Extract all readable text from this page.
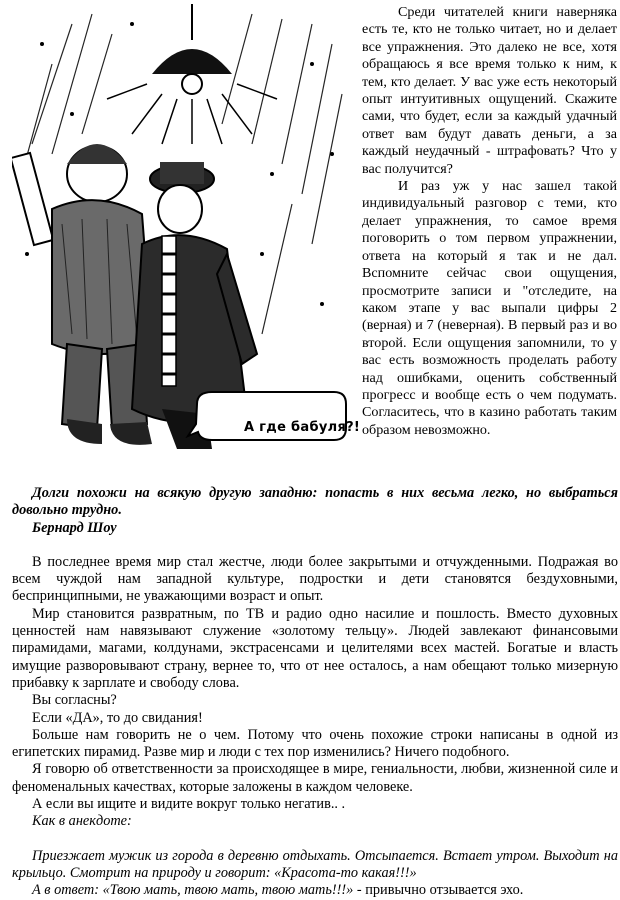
А где бабуля?!

Среди читателей книги наверняка есть те, кто не только читает, но и делает все упражнения. Это далеко не все, хотя обращаюсь я все время только к ним, к тем, кто делает. У вас уже есть некоторый опыт интуитивных ощущений. Скажите сами, что будет, если за каждый удачный ответ вам будут давать деньги, а за каждый неудачный - штрафовать? Что у вас получится?

И раз уж у нас зашел такой индивидуальный разговор с теми, кто делает упражнения, то самое время поговорить о том первом упражнении, ответа на который я так и не дал. Вспомните сейчас свои ощущения, просмотрите записи и "отследите, на каком этапе у вас выпали цифры 2 (верная) и 7 (неверная). В первый раз и во второй. Если ощущения запомнили, то у вас есть возможность проделать работу над ошибками, оценить собственный прогресс и вообще есть о чем подумать. Согласитесь, что в казино работать таким образом невозможно.

Долги похожи на всякую другую западню: попасть в них весьма легко, но выбраться довольно трудно.

Бернард Шоу

В последнее время мир стал жестче, люди более закрытыми и отчужденными. Подражая во всем чуждой нам западной культуре, подростки и дети становятся бездуховными, беспринципными, не уважающими возраст и опыт.

Мир становится развратным, по ТВ и радио одно насилие и пошлость. Вместо духовных ценностей нам навязывают служение «золотому тельцу». Людей завлекают финансовыми пирамидами, магами, колдунами, экстрасенсами и целителями всех мастей. Богатые и власть имущие разворовывают страну, вернее то, что от нее осталось, а нам обещают только мизерную прибавку к зарплате и свободу слова.

Вы согласны?

Если «ДА», то до свидания!

Больше нам говорить не о чем. Потому что очень похожие строки написаны в одной из египетских пирамид. Разве мир и люди с тех пор изменились? Ничего подобного.

Я говорю об ответственности за происходящее в мире, гениальности, любви, жизненной силе и феноменальных качествах, которые заложены в каждом человеке.

А если вы ищите и видите вокруг только негатив.. .

Как в анекдоте:

Приезжает мужик из города в деревню отдыхать. Отсыпается. Встает утром. Выходит на крыльцо. Смотрит на природу и говорит: «Красота-то какая!!!»

А в ответ: «Твою мать, твою мать, твою мать!!!» - привычно отзывается эхо.
